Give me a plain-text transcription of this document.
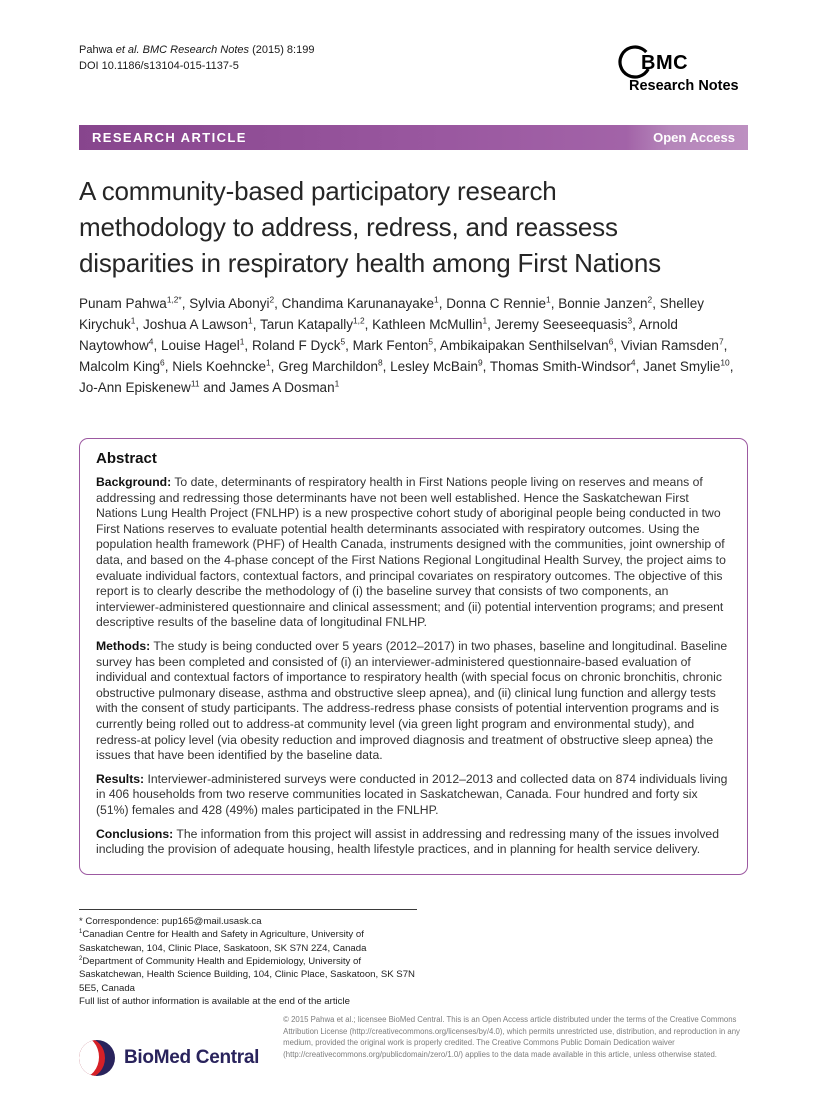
Pahwa et al. BMC Research Notes (2015) 8:199
DOI 10.1186/s13104-015-1137-5	BMC
Research Notes
RESEARCH ARTICLE	Open Access
A community-based participatory research
methodology to address, redress, and reassess
disparities in respiratory health among First Nations

Punam Pahwa$^{1,2*}$, Sylvia Abonyi$^2$, Chandima Karunanayake$^1$, Donna C Rennie$^1$, Bonnie Janzen$^2$, Shelley Kirychuk$^1$, Joshua A Lawson$^1$, Tarun Katapally$^{1,2}$, Kathleen McMullin$^1$, Jeremy Seeseequasis$^3$, Arnold Naytowhow$^4$, Louise Hagel$^1$, Roland F Dyck$^5$, Mark Fenton$^5$, Ambikaipakan Senthilselvan$^6$, Vivian Ramsden$^7$, Malcolm King$^6$, Niels Koehncke$^1$, Greg Marchildon$^8$, Lesley McBain$^9$, Thomas Smith-Windsor$^4$, Janet Smylie$^{10}$, Jo-Ann Episkenew$^{11}$ and James A Dosman$^1$

Abstract

Background: To date, determinants of respiratory health in First Nations people living on reserves and means of addressing and redressing those determinants have not been well established. Hence the Saskatchewan First Nations Lung Health Project (FNLHP) is a new prospective cohort study of aboriginal people being conducted in two First Nations reserves to evaluate potential health determinants associated with respiratory outcomes. Using the population health framework (PHF) of Health Canada, instruments designed with the communities, joint ownership of data, and based on the 4-phase concept of the First Nations Regional Longitudinal Health Survey, the project aims to evaluate individual factors, contextual factors, and principal covariates on respiratory outcomes. The objective of this report is to clearly describe the methodology of (i) the baseline survey that consists of two components, an interviewer-administered questionnaire and clinical assessment; and (ii) potential intervention programs; and present descriptive results of the baseline data of longitudinal FNLHP.

Methods: The study is being conducted over 5 years (2012–2017) in two phases, baseline and longitudinal. Baseline survey has been completed and consisted of (i) an interviewer-administered questionnaire-based evaluation of individual and contextual factors of importance to respiratory health (with special focus on chronic bronchitis, chronic obstructive pulmonary disease, asthma and obstructive sleep apnea), and (ii) clinical lung function and allergy tests with the consent of study participants. The address-redress phase consists of potential intervention programs and is currently being rolled out to address-at community level (via green light program and environmental study), and redress-at policy level (via obesity reduction and improved diagnosis and treatment of obstructive sleep apnea) the issues that have been identified by the baseline data.

Results: Interviewer-administered surveys were conducted in 2012–2013 and collected data on 874 individuals living in 406 households from two reserve communities located in Saskatchewan, Canada. Four hundred and forty six (51%) females and 428 (49%) males participated in the FNLHP.

Conclusions: The information from this project will assist in addressing and redressing many of the issues involved including the provision of adequate housing, health lifestyle practices, and in planning for health service delivery.

* Correspondence: pup165@mail.usask.ca

$^1$Canadian Centre for Health and Safety in Agriculture, University of Saskatchewan, 104, Clinic Place, Saskatoon, SK S7N 2Z4, Canada

$^2$Department of Community Health and Epidemiology, University of Saskatchewan, Health Science Building, 104, Clinic Place, Saskatoon, SK S7N 5E5, Canada

Full list of author information is available at the end of the article

BioMed Central

© 2015 Pahwa et al.; licensee BioMed Central. This is an Open Access article distributed under the terms of the Creative Commons Attribution License (http://creativecommons.org/licenses/by/4.0), which permits unrestricted use, distribution, and reproduction in any medium, provided the original work is properly credited. The Creative Commons Public Domain Dedication waiver (http://creativecommons.org/publicdomain/zero/1.0/) applies to the data made available in this article, unless otherwise stated.
